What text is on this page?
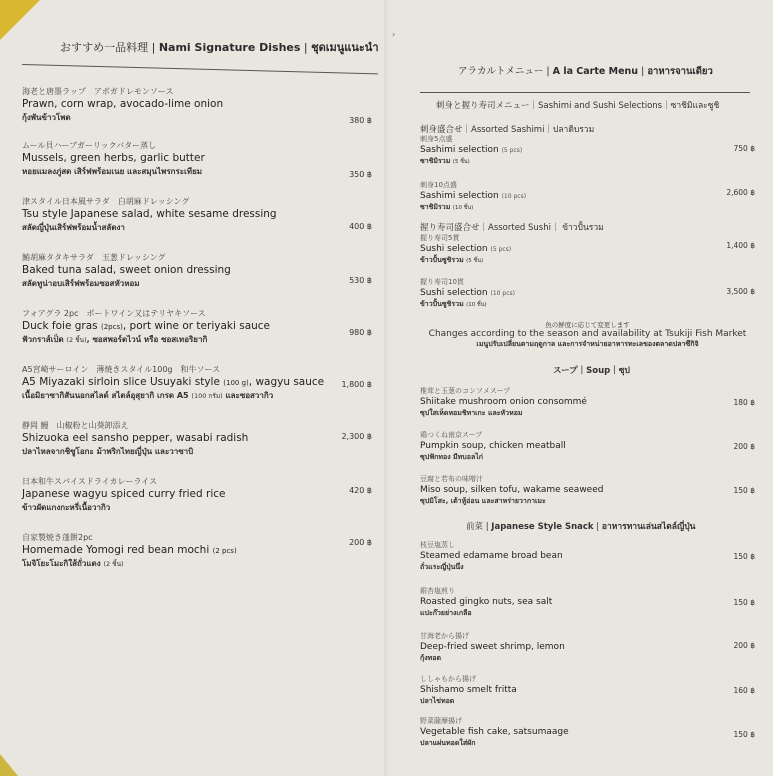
›
おすすめ一品料理 | Nami Signature Dishes | ชุดเมนูแนะนำ
海老と唐墨ラップ　アボガドレモンソース
Prawn, corn wrap, avocado-lime onion
กุ้งพันข้าวโพด	380 ฿
ムール貝ハーブガーリックバター蒸し
Mussels, green herbs, garlic butter
หอยแมลงภู่สด เสิร์ฟพร้อมเนย และสมุนไพรกระเทียม	350 ฿
津スタイル日本風サラダ　白胡麻ドレッシング
Tsu style Japanese salad, white sesame dressing
สลัดญี่ปุ่นเสิร์ฟพร้อมน้ำสลัดงา	400 ฿
鮪胡麻タタキサラダ　玉葱ドレッシング
Baked tuna salad, sweet onion dressing
สลัดทูน่าอบเสิร์ฟพร้อมซอสหัวหอม	530 ฿
フォアグラ 2pc　ポートワイン又はテリヤキソース
Duck foie gras (2pcs), port wine or teriyaki sauce
ฟัวกราส์เป็ด (2 ชิ้น), ซอสพอร์ตไวน์ หรือ ซอสเทอริยากิ
980 ฿
A5宮崎サーロイン　薄焼きスタイル100g　和牛ソース
A5 Miyazaki sirloin slice Usuyaki style (100 g), wagyu sauce
เนื้อมิยาซากิสันนอกสไลด์ สไตล์อุสุยากิ เกรด A5 (100 กรัม) และซอสวากิว
1,800 ฿
静岡 鰻　山椒粉と山葵卸添え
Shizuoka eel sansho pepper, wasabi radish
ปลาไหลจากชิซูโอกะ ม้าพริกไทยญี่ปุ่น และวาซาบิ
2,300 ฿
日本和牛スパイスドライカレーライス
Japanese wagyu spiced curry fried rice
ข้าวผัดแกงกะหรี่เนื้อวากิว
420 ฿
自家製焼き蓬餅2pc
Homemade Yomogi red bean mochi (2 pcs)
โมจิโยะโมะกิใส้ถั่วแดง (2 ชิ้น)
200 ฿
アラカルトメニュー | A la Carte Menu | อาหารจานเดียว
刺身と握り寿司メニュー｜Sashimi and Sushi Selections｜ซาชิมิและซูชิ
刺身盛合せ｜Assorted Sashimi｜ปลาดิบรวม
刺身5点盛
Sashimi selection (5 pcs)
ซาชิมิรวม (5 ชิ้น)
750 ฿
刺身10点盛
Sashimi selection (10 pcs)
ซาชิมิรวม (10 ชิ้น)
2,600 ฿
握り寿司盛合せ｜Assorted Sushi｜ ข้าวปั้นรวม
握り寿司5貫
Sushi selection (5 pcs)
ข้าวปั้นซูชิรวม (5 ชิ้น)
1,400 ฿
握り寿司10貫
Sushi selection (10 pcs)
ข้าวปั้นซูชิรวม (10 ชิ้น)
3,500 ฿
魚の鮮度に応じて変更します
Changes according to the season and availability at Tsukiji Fish Market
เมนูปรับเปลี่ยนตามฤดูกาล และการจำหน่ายอาหารทะเลของตลาดปลาซึกิจิ
スープ｜Soup｜ซุป
椎茸と玉葱のコンソメスープ
Shiitake mushroom onion consommé
ซุปใสเห็ดหอมชิทาเกะ และหัวหอม
180 ฿
鶏つくね南京スープ
Pumpkin soup, chicken meatball
ซุปฟักทอง มีทบอลไก่
200 ฿
豆腐と若布の味噌汁
Miso soup, silken tofu, wakame seaweed
ซุปมิโสะ, เต้าหู้อ่อน และสาหร่ายวากาเมะ
150 ฿
前菜 | Japanese Style Snack | อาหารทานเล่นสไตล์ญี่ปุ่น
枝豆塩蒸し
Steamed edamame broad bean
ถั่วแระญี่ปุ่นนึ่ง
150 ฿
銀杏塩煎り
Roasted gingko nuts, sea salt
แปะก๊วยย่างเกลือ
150 ฿
甘海老から揚げ
Deep-fried sweet shrimp, lemon
กุ้งทอด
200 ฿
ししゃもから揚げ
Shishamo smelt fritta
ปลาไข่ทอด
160 ฿
野菜薩摩揚げ
Vegetable fish cake, satsumaage
ปลาแผ่นทอดใส่ผัก
150 ฿
